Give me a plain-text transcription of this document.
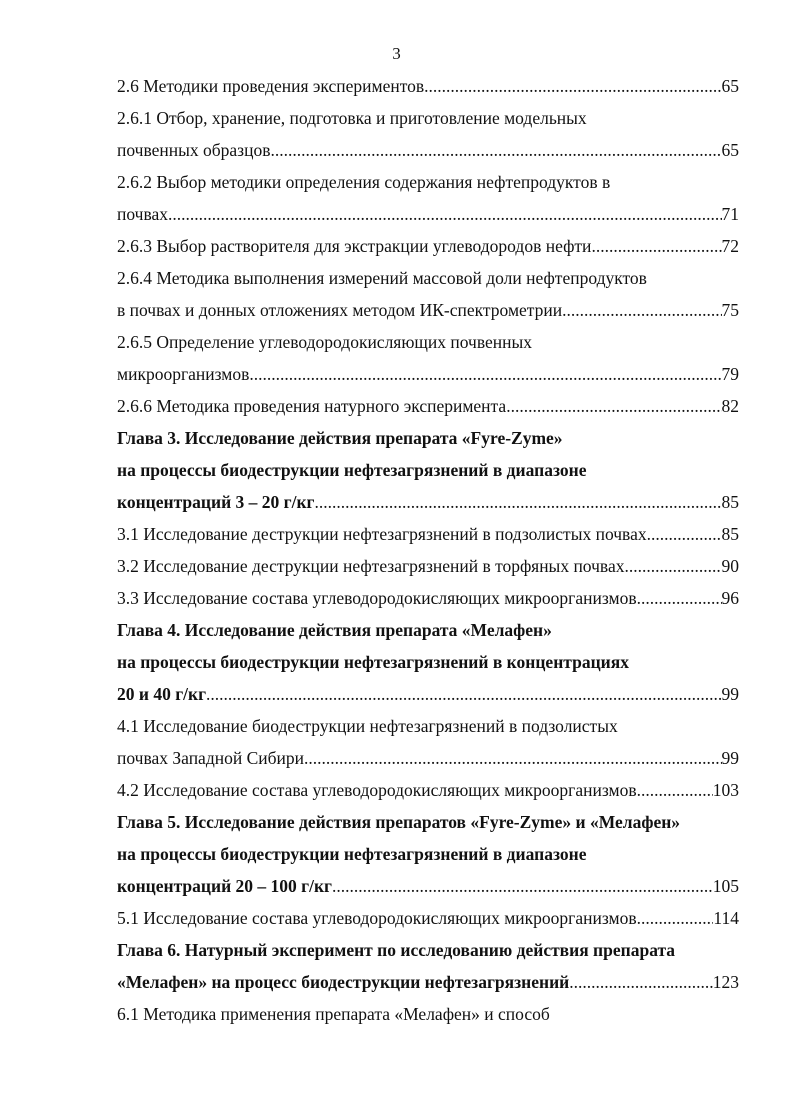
3
2.6 Методики проведения экспериментов .....	65
2.6.1 Отбор, хранение, подготовка и приготовление модельных
почвенных образцов .....	65
2.6.2 Выбор методики определения содержания нефтепродуктов в
почвах .....	71
2.6.3 Выбор растворителя для экстракции углеводородов нефти .....	72
2.6.4 Методика выполнения измерений массовой доли нефтепродуктов
в почвах и донных отложениях методом ИК-спектрометрии .....	75
2.6.5 Определение углеводородокисляющих почвенных
микроорганизмов .....	79
2.6.6 Методика проведения натурного эксперимента .....	82
Глава 3. Исследование действия препарата «Fyre-Zyme»
на процессы биодеструкции нефтезагрязнений в диапазоне
концентраций 3 – 20 г/кг .....	85
3.1 Исследование деструкции нефтезагрязнений в подзолистых почвах .....	85
3.2 Исследование деструкции нефтезагрязнений в торфяных почвах .....	90
3.3 Исследование состава углеводородокисляющих микроорганизмов .....	96
Глава 4. Исследование действия препарата «Мелафен»
на процессы биодеструкции нефтезагрязнений в концентрациях
20 и 40 г/кг .....	99
4.1 Исследование биодеструкции нефтезагрязнений в подзолистых
почвах Западной Сибири .....	99
4.2 Исследование состава углеводородокисляющих микроорганизмов .....	103
Глава 5. Исследование действия препаратов «Fyre-Zyme» и «Мелафен»
на процессы биодеструкции нефтезагрязнений в диапазоне
концентраций 20 – 100 г/кг .....	105
5.1 Исследование состава углеводородокисляющих микроорганизмов .....	114
Глава 6. Натурный эксперимент по исследованию действия препарата
«Мелафен» на процесс биодеструкции нефтезагрязнений .....	123
6.1 Методика применения препарата «Мелафен» и способ
